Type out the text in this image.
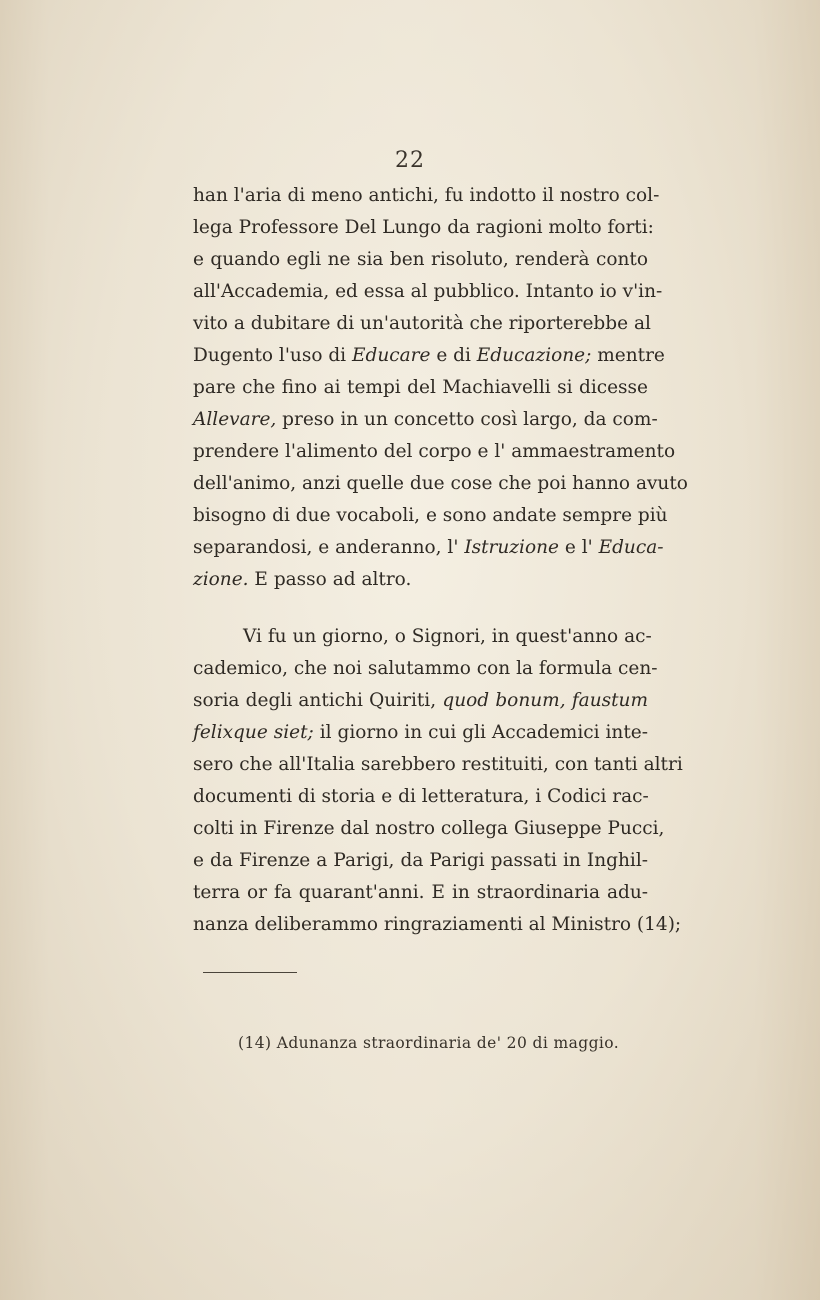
22
han l'aria di meno antichi, fu indotto il nostro col-
lega Professore Del Lungo da ragioni molto forti:
e quando egli ne sia ben risoluto, renderà conto
all'Accademia, ed essa al pubblico. Intanto io v'in-
vito a dubitare di un'autorità che riporterebbe al
Dugento l'uso di Educare e di Educazione; mentre
pare che fino ai tempi del Machiavelli si dicesse
Allevare, preso in un concetto così largo, da com-
prendere l'alimento del corpo e l' ammaestramento
dell'animo, anzi quelle due cose che poi hanno avuto
bisogno di due vocaboli, e sono andate sempre più
separandosi, e anderanno, l' Istruzione e l' Educa-
zione. E passo ad altro.
Vi fu un giorno, o Signori, in quest'anno ac-
cademico, che noi salutammo con la formula cen-
soria degli antichi Quiriti, quod bonum, faustum
felixque siet; il giorno in cui gli Accademici inte-
sero che all'Italia sarebbero restituiti, con tanti altri
documenti di storia e di letteratura, i Codici rac-
colti in Firenze dal nostro collega Giuseppe Pucci,
e da Firenze a Parigi, da Parigi passati in Inghil-
terra or fa quarant'anni. E in straordinaria adu-
nanza deliberammo ringraziamenti al Ministro (14);
(14) Adunanza straordinaria de' 20 di maggio.
